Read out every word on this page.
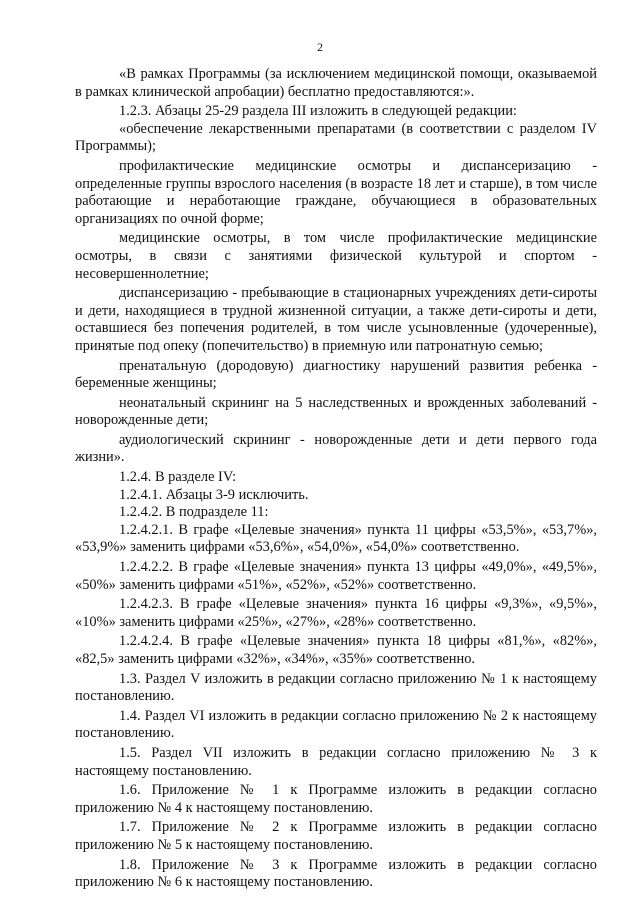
2

«В рамках Программы (за исключением медицинской помощи, оказываемой в рамках клинической апробации) бесплатно предоставляются:».

1.2.3. Абзацы 25-29 раздела III изложить в следующей редакции:

«обеспечение лекарственными препаратами (в соответствии с разделом IV Программы);

профилактические медицинские осмотры и диспансеризацию - определенные группы взрослого населения (в возрасте 18 лет и старше), в том числе работающие и неработающие граждане, обучающиеся в образовательных организациях по очной форме;

медицинские осмотры, в том числе профилактические медицинские осмотры, в связи с занятиями физической культурой и спортом - несовершеннолетние;

диспансеризацию - пребывающие в стационарных учреждениях дети-сироты и дети, находящиеся в трудной жизненной ситуации, а также дети-сироты и дети, оставшиеся без попечения родителей, в том числе усыновленные (удочеренные), принятые под опеку (попечительство) в приемную или патронатную семью;

пренатальную (дородовую) диагностику нарушений развития ребенка - беременные женщины;

неонатальный скрининг на 5 наследственных и врожденных заболеваний - новорожденные дети;

аудиологический скрининг - новорожденные дети и дети первого года жизни».

1.2.4. В разделе IV:

1.2.4.1. Абзацы 3-9 исключить.

1.2.4.2. В подразделе 11:

1.2.4.2.1. В графе «Целевые значения» пункта 11 цифры «53,5%», «53,7%», «53,9%» заменить цифрами «53,6%», «54,0%», «54,0%» соответственно.

1.2.4.2.2. В графе «Целевые значения» пункта 13 цифры «49,0%», «49,5%», «50%» заменить цифрами «51%», «52%», «52%» соответственно.

1.2.4.2.3. В графе «Целевые значения» пункта 16 цифры «9,3%», «9,5%», «10%» заменить цифрами «25%», «27%», «28%» соответственно.

1.2.4.2.4. В графе «Целевые значения» пункта 18 цифры «81,%», «82%», «82,5» заменить цифрами «32%», «34%», «35%» соответственно.

1.3. Раздел V изложить в редакции согласно приложению № 1 к настоящему постановлению.

1.4. Раздел VI изложить в редакции согласно приложению № 2 к настоящему постановлению.

1.5. Раздел VII изложить в редакции согласно приложению № 3 к настоящему постановлению.

1.6. Приложение № 1 к Программе изложить в редакции согласно приложению № 4 к настоящему постановлению.

1.7. Приложение № 2 к Программе изложить в редакции согласно приложению № 5 к настоящему постановлению.

1.8. Приложение № 3 к Программе изложить в редакции согласно приложению № 6 к настоящему постановлению.
